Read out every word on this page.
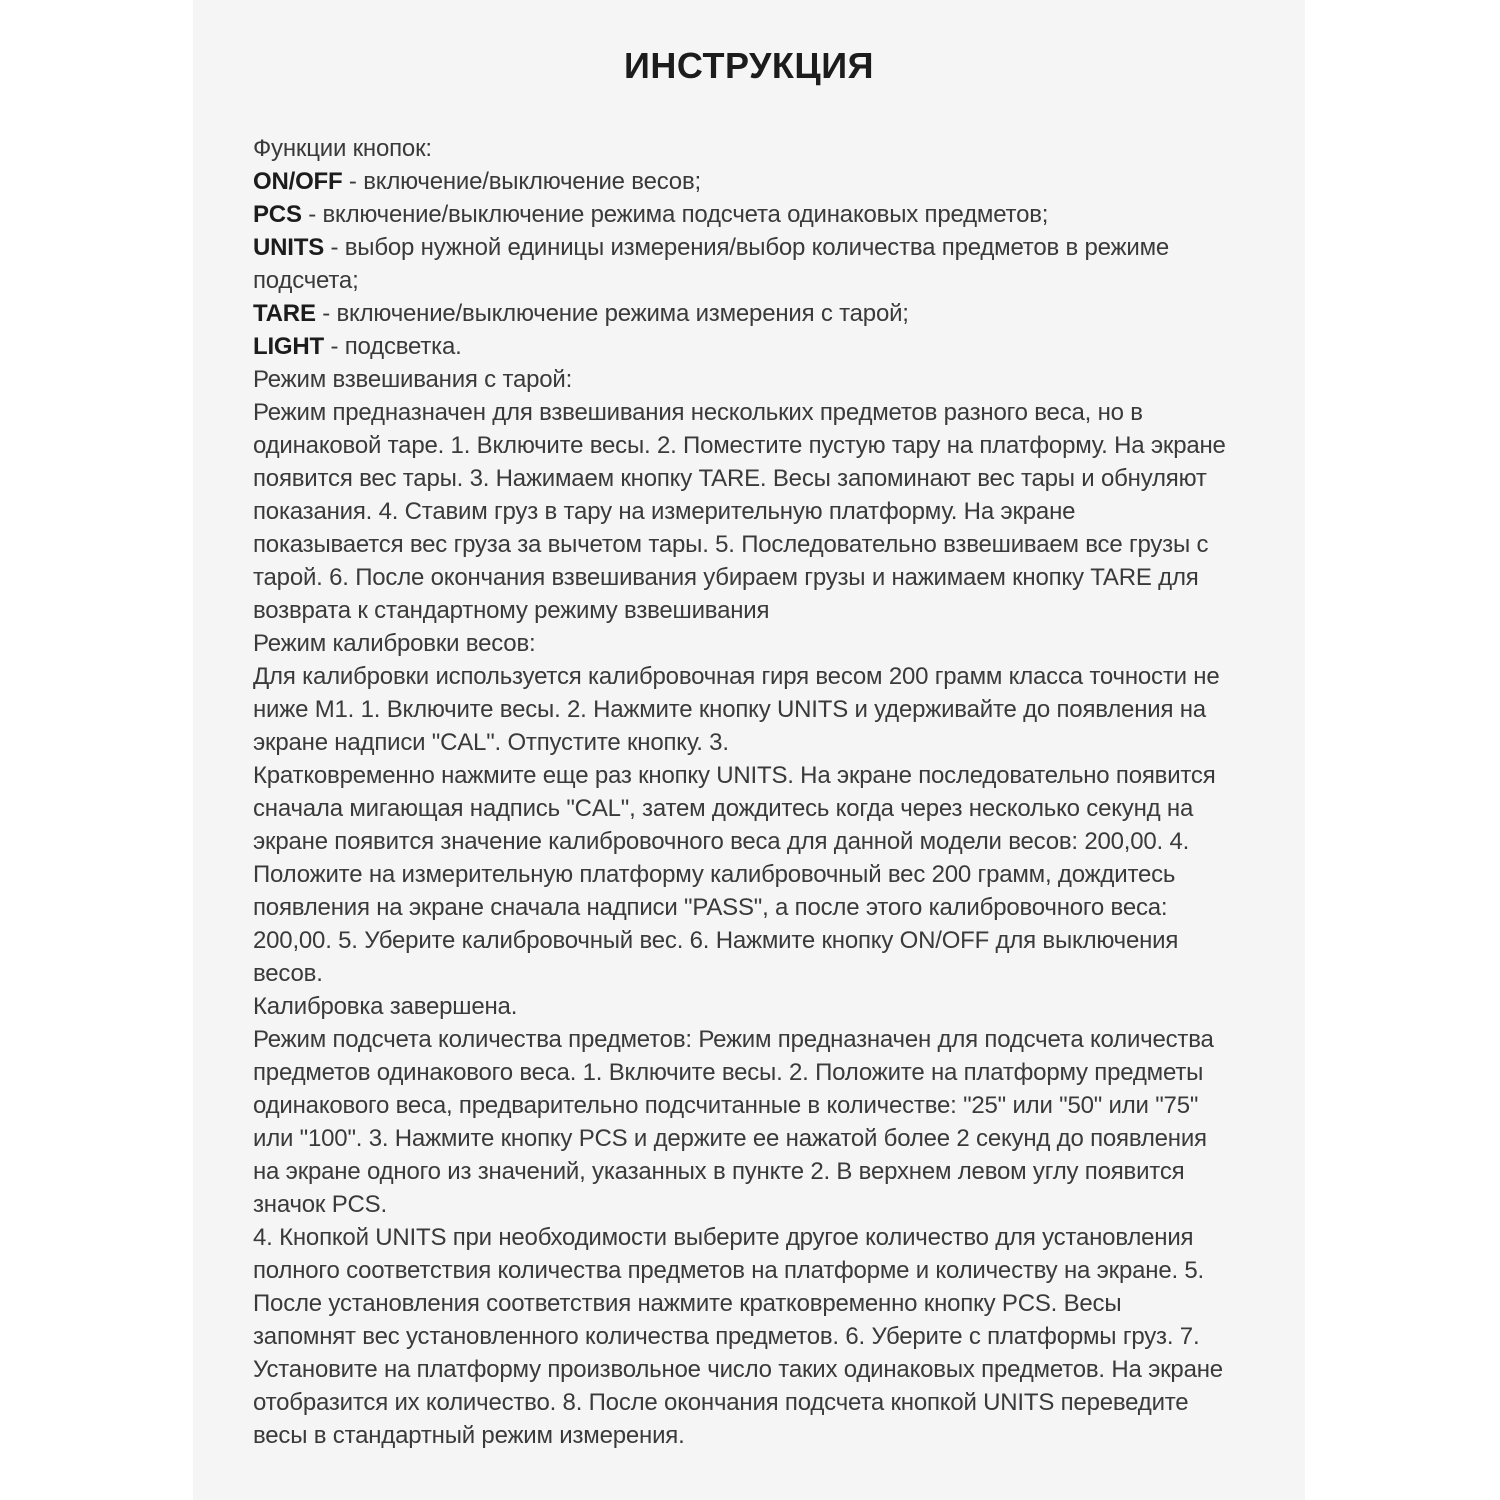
ИНСТРУКЦИЯ
Функции кнопок:
ON/OFF - включение/выключение весов;
PCS - включение/выключение режима подсчета одинаковых предметов;
UNITS - выбор нужной единицы измерения/выбор количества предметов в режиме
подсчета;
TARE - включение/выключение режима измерения с тарой;
LIGHT - подсветка.
Режим взвешивания с тарой:
Режим предназначен для взвешивания нескольких предметов разного веса, но в
одинаковой таре. 1. Включите весы. 2. Поместите пустую тару на платформу. На экране
появится вес тары. 3. Нажимаем кнопку TARE. Весы запоминают вес тары и обнуляют
показания. 4. Ставим груз в тару на измерительную платформу. На экране
показывается вес груза за вычетом тары. 5. Последовательно взвешиваем все грузы с
тарой. 6. После окончания взвешивания убираем грузы и нажимаем кнопку TARE для
возврата к стандартному режиму взвешивания
Режим калибровки весов:
Для калибровки используется калибровочная гиря весом 200 грамм класса точности не
ниже М1. 1. Включите весы. 2. Нажмите кнопку UNITS и удерживайте до появления на
экране надписи "CAL". Отпустите кнопку. 3.
Кратковременно нажмите еще раз кнопку UNITS. На экране последовательно появится
сначала мигающая надпись "CAL", затем дождитесь когда через несколько секунд на
экране появится значение калибровочного веса для данной модели весов: 200,00. 4.
Положите на измерительную платформу калибровочный вес 200 грамм, дождитесь
появления на экране сначала надписи "PASS", а после этого калибровочного веса:
200,00. 5. Уберите калибровочный вес. 6. Нажмите кнопку ON/OFF для выключения
весов.
Калибровка завершена.
Режим подсчета количества предметов: Режим предназначен для подсчета количества
предметов одинакового веса. 1. Включите весы. 2. Положите на платформу предметы
одинакового веса, предварительно подсчитанные в количестве: "25" или "50" или "75"
или "100". 3. Нажмите кнопку PCS и держите ее нажатой более 2 секунд до появления
на экране одного из значений, указанных в пункте 2. В верхнем левом углу появится
значок PCS.
4. Кнопкой UNITS при необходимости выберите другое количество для установления
полного соответствия количества предметов на платформе и количеству на экране. 5.
После установления соответствия нажмите кратковременно кнопку PCS. Весы
запомнят вес установленного количества предметов. 6. Уберите с платформы груз. 7.
Установите на платформу произвольное число таких одинаковых предметов. На экране
отобразится их количество. 8. После окончания подсчета кнопкой UNITS переведите
весы в стандартный режим измерения.
